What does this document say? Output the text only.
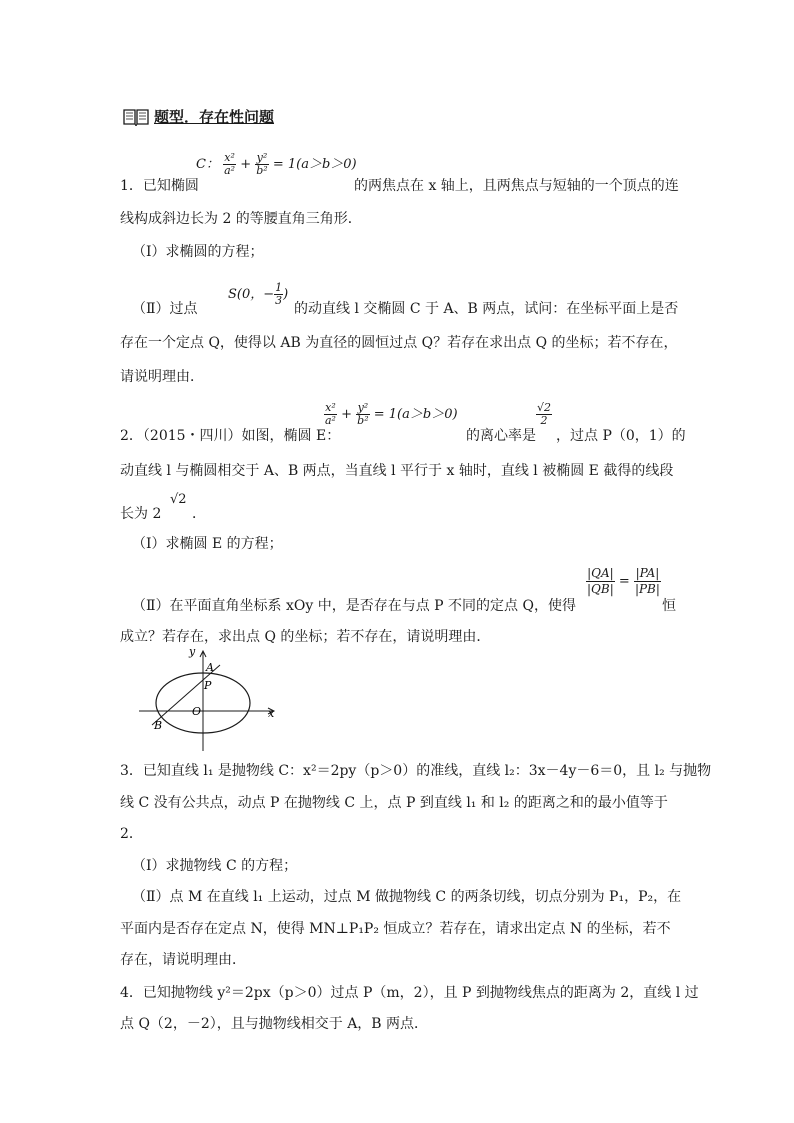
题型．存在性问题
1．已知椭圆
C： $\frac{\text{x²}}{\text{a²}} + \frac{\text{y²}}{\text{b²}} = 1(a>b>0)$
的两焦点在 x 轴上，且两焦点与短轴的一个顶点的连
线构成斜边长为 2 的等腰直角三角形．
（Ⅰ）求椭圆的方程；
（Ⅱ）过点
S(0，− $\frac{1}{3}$ )
的动直线 l 交椭圆 C 于 A、B 两点，试问：在坐标平面上是否
存在一个定点 Q，使得以 AB 为直径的圆恒过点 Q？若存在求出点 Q 的坐标；若不存在，
请说明理由．
2．（2015・四川）如图，椭圆 E：
$\frac{\text{x²}}{\text{a²}} + \frac{\text{y²}}{\text{b²}} = 1(a>b>0)$
的离心率是
$\frac{√2}{2}$
，过点 P（0，1）的
动直线 l 与椭圆相交于 A、B 两点，当直线 l 平行于 x 轴时，直线 l 被椭圆 E 截得的线段
长为 2
√2
．
（Ⅰ）求椭圆 E 的方程；
（Ⅱ）在平面直角坐标系 xOy 中，是否存在与点 P 不同的定点 Q，使得
$\frac{|QA|}{|QB|} = \frac{|PA|}{|PB|}$
恒
成立？若存在，求出点 Q 的坐标；若不存在，请说明理由．
y
x
A
P
O
B
3．已知直线 l₁ 是抛物线 C：x²＝2py（p＞0）的准线，直线 l₂：3x－4y－6＝0，且 l₂ 与抛物
线 C 没有公共点，动点 P 在抛物线 C 上，点 P 到直线 l₁ 和 l₂ 的距离之和的最小值等于
2．
（Ⅰ）求抛物线 C 的方程；
（Ⅱ）点 M 在直线 l₁ 上运动，过点 M 做抛物线 C 的两条切线，切点分别为 P₁，P₂，在
平面内是否存在定点 N，使得 MN⊥P₁P₂ 恒成立？若存在，请求出定点 N 的坐标，若不
存在，请说明理由．
4．已知抛物线 y²＝2px（p＞0）过点 P（m，2），且 P 到抛物线焦点的距离为 2，直线 l 过
点 Q（2，－2），且与抛物线相交于 A，B 两点．
